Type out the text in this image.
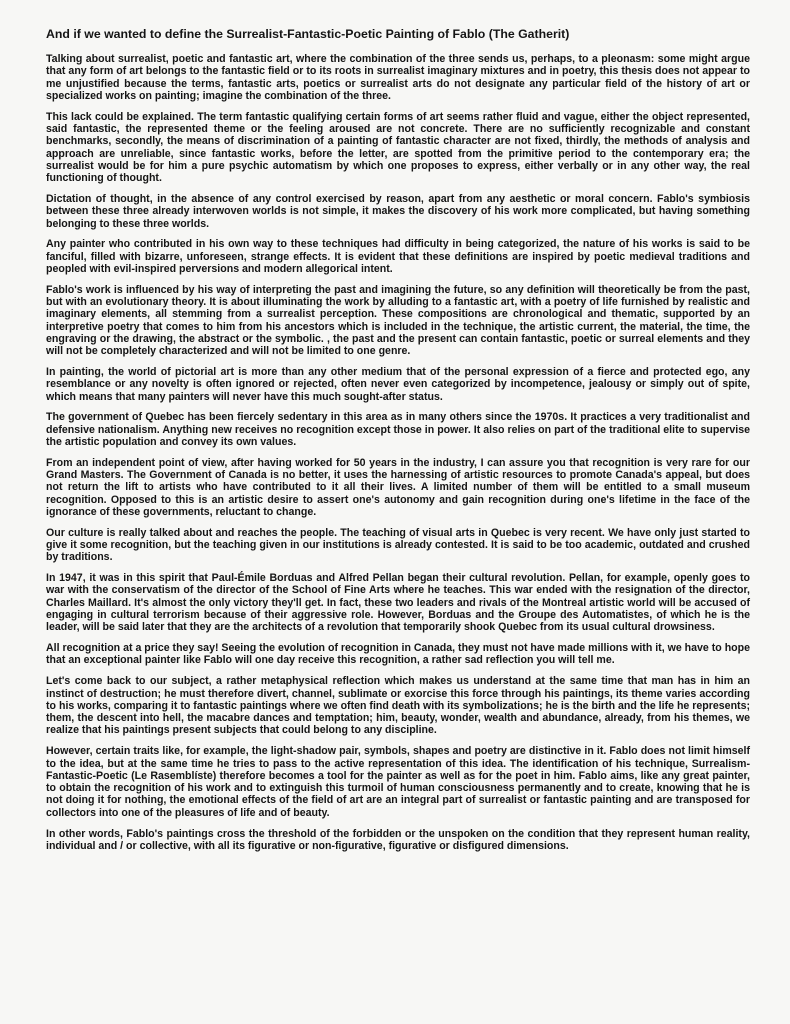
And if we wanted to define the Surrealist-Fantastic-Poetic Painting of Fablo (The Gatherit)

Talking about surrealist, poetic and fantastic art, where the combination of the three sends us, perhaps, to a pleonasm: some might argue that any form of art belongs to the fantastic field or to its roots in surrealist imaginary mixtures and in poetry, this thesis does not appear to me unjustified because the terms, fantastic arts, poetics or surrealist arts do not designate any particular field of the history of art or specialized works on painting; imagine the combination of the three.

This lack could be explained. The term fantastic qualifying certain forms of art seems rather fluid and vague, either the object represented, said fantastic, the represented theme or the feeling aroused are not concrete. There are no sufficiently recognizable and constant benchmarks, secondly, the means of discrimination of a painting of fantastic character are not fixed, thirdly, the methods of analysis and approach are unreliable, since fantastic works, before the letter, are spotted from the primitive period to the contemporary era; the surrealist would be for him a pure psychic automatism by which one proposes to express, either verbally or in any other way, the real functioning of thought.

Dictation of thought, in the absence of any control exercised by reason, apart from any aesthetic or moral concern. Fablo's symbiosis between these three already interwoven worlds is not simple, it makes the discovery of his work more complicated, but having something belonging to these three worlds.

Any painter who contributed in his own way to these techniques had difficulty in being categorized, the nature of his works is said to be fanciful, filled with bizarre, unforeseen, strange effects. It is evident that these definitions are inspired by poetic medieval traditions and peopled with evil-inspired perversions and modern allegorical intent.

Fablo's work is influenced by his way of interpreting the past and imagining the future, so any definition will theoretically be from the past, but with an evolutionary theory. It is about illuminating the work by alluding to a fantastic art, with a poetry of life furnished by realistic and imaginary elements, all stemming from a surrealist perception. These compositions are chronological and thematic, supported by an interpretive poetry that comes to him from his ancestors which is included in the technique, the artistic current, the material, the time, the engraving or the drawing, the abstract or the symbolic. , the past and the present can contain fantastic, poetic or surreal elements and they will not be completely characterized and will not be limited to one genre.

In painting, the world of pictorial art is more than any other medium that of the personal expression of a fierce and protected ego, any resemblance or any novelty is often ignored or rejected, often never even categorized by incompetence, jealousy or simply out of spite, which means that many painters will never have this much sought-after status.

The government of Quebec has been fiercely sedentary in this area as in many others since the 1970s. It practices a very traditionalist and defensive nationalism. Anything new receives no recognition except those in power. It also relies on part of the traditional elite to supervise the artistic population and convey its own values.

From an independent point of view, after having worked for 50 years in the industry, I can assure you that recognition is very rare for our Grand Masters. The Government of Canada is no better, it uses the harnessing of artistic resources to promote Canada's appeal, but does not return the lift to artists who have contributed to it all their lives. A limited number of them will be entitled to a small museum recognition. Opposed to this is an artistic desire to assert one's autonomy and gain recognition during one's lifetime in the face of the ignorance of these governments, reluctant to change.

Our culture is really talked about and reaches the people. The teaching of visual arts in Quebec is very recent. We have only just started to give it some recognition, but the teaching given in our institutions is already contested. It is said to be too academic, outdated and crushed by traditions.

In 1947, it was in this spirit that Paul-Émile Borduas and Alfred Pellan began their cultural revolution. Pellan, for example, openly goes to war with the conservatism of the director of the School of Fine Arts where he teaches. This war ended with the resignation of the director, Charles Maillard. It's almost the only victory they'll get. In fact, these two leaders and rivals of the Montreal artistic world will be accused of engaging in cultural terrorism because of their aggressive role. However, Borduas and the Groupe des Automatistes, of which he is the leader, will be said later that they are the architects of a revolution that temporarily shook Quebec from its usual cultural drowsiness.

All recognition at a price they say! Seeing the evolution of recognition in Canada, they must not have made millions with it, we have to hope that an exceptional painter like Fablo will one day receive this recognition, a rather sad reflection you will tell me.

Let's come back to our subject, a rather metaphysical reflection which makes us understand at the same time that man has in him an instinct of destruction; he must therefore divert, channel, sublimate or exorcise this force through his paintings, its theme varies according to his works, comparing it to fantastic paintings where we often find death with its symbolizations; he is the birth and the life he represents; them, the descent into hell, the macabre dances and temptation; him, beauty, wonder, wealth and abundance, already, from his themes, we realize that his paintings present subjects that could belong to any discipline.

However, certain traits like, for example, the light-shadow pair, symbols, shapes and poetry are distinctive in it. Fablo does not limit himself to the idea, but at the same time he tries to pass to the active representation of this idea. The identification of his technique, Surrealism-Fantastic-Poetic (Le Rasemblíste) therefore becomes a tool for the painter as well as for the poet in him. Fablo aims, like any great painter, to obtain the recognition of his work and to extinguish this turmoil of human consciousness permanently and to create, knowing that he is not doing it for nothing, the emotional effects of the field of art are an integral part of surrealist or fantastic painting and are transposed for collectors into one of the pleasures of life and of beauty.

In other words, Fablo's paintings cross the threshold of the forbidden or the unspoken on the condition that they represent human reality, individual and / or collective, with all its figurative or non-figurative, figurative or disfigured dimensions.
